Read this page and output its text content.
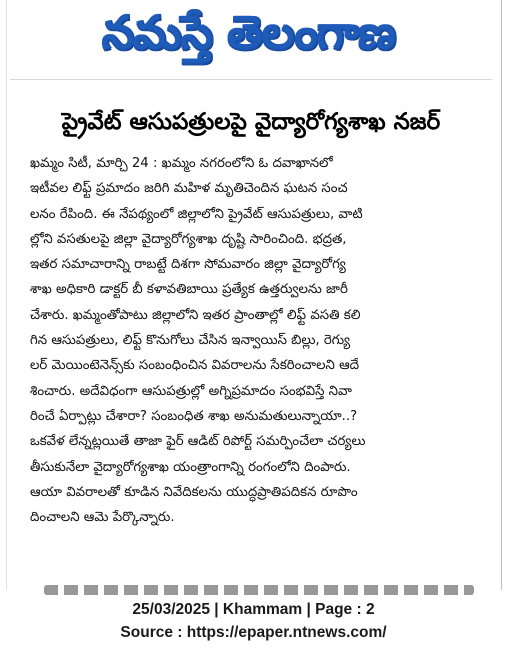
నమస్తే తెలంగాణ
ప్రైవేట్ ఆసుపత్రులపై వైద్యారోగ్యశాఖ నజర్
ఖమ్మం సిటీ, మార్చి 24 : ఖమ్మం నగరంలోని ఓ దవాఖానలో
ఇటీవల లిఫ్ట్ ప్రమాదం జరిగి మహిళ మృతిచెందిన ఘటన సంచ
లనం రేపింది. ఈ నేపథ్యంలో జిల్లాలోని ప్రైవేట్ ఆసుపత్రులు, వాటి
ల్లోని వసతులపై జిల్లా వైద్యారోగ్యశాఖ దృష్టి సారించింది. భద్రత,
ఇతర సమాచారాన్ని రాబట్టే దిశగా సోమవారం జిల్లా వైద్యారోగ్య
శాఖ అధికారి డాక్టర్ బీ కళావతిబాయి ప్రత్యేక ఉత్తర్వులను జారీ
చేశారు. ఖమ్మంతోపాటు జిల్లాలోని ఇతర ప్రాంతాల్లో లిఫ్ట్ వసతి కలి
గిన ఆసుపత్రులు, లిఫ్ట్ కొనుగోలు చేసిన ఇన్వాయిస్ బిల్లు, రెగ్యు
లర్ మెయింటెనెన్స్‌కు సంబంధించిన వివరాలను సేకరించాలని ఆదే
శించారు. అదేవిధంగా ఆసుపత్రుల్లో అగ్నిప్రమాదం సంభవిస్తే నివా
రించే ఏర్పాట్లు చేశారా? సంబంధిత శాఖ అనుమతులున్నాయా..?
ఒకవేళ లేన్నట్లయితే తాజా ఫైర్ ఆడిట్ రిపోర్ట్ సమర్పించేలా చర్యలు
తీసుకునేలా వైద్యారోగ్యశాఖ యంత్రాంగాన్ని రంగంలోని దింపారు.
ఆయా వివరాలతో కూడిన నివేదికలను యుద్ధప్రాతిపదికన రూపొం
దించాలని ఆమె పేర్కొన్నారు.
25/03/2025 | Khammam | Page : 2
Source : https://epaper.ntnews.com/
